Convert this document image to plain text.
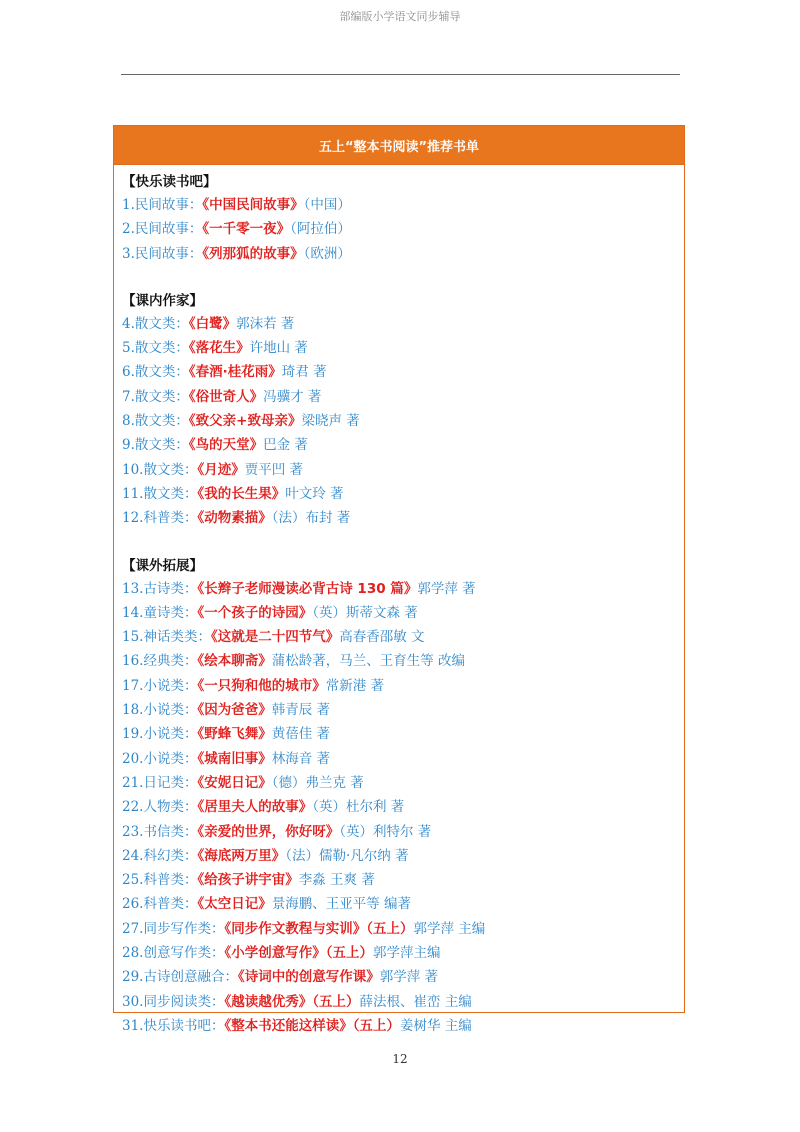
部编版小学语文同步辅导
五上“整本书阅读”推荐书单
【快乐读书吧】
1.民间故事：《中国民间故事》（中国）
2.民间故事：《一千零一夜》（阿拉伯）
3.民间故事：《列那狐的故事》（欧洲）
【课内作家】
4.散文类：《白鹭》郭沫若 著
5.散文类：《落花生》许地山 著
6.散文类：《春酒·桂花雨》琦君 著
7.散文类：《俗世奇人》冯骥才 著
8.散文类：《致父亲+致母亲》梁晓声 著
9.散文类：《鸟的天堂》巴金 著
10.散文类：《月迹》贾平凹 著
11.散文类：《我的长生果》叶文玲 著
12.科普类：《动物素描》（法）布封 著
【课外拓展】
13.古诗类：《长辫子老师漫读必背古诗 130 篇》郭学萍 著
14.童诗类：《一个孩子的诗园》（英）斯蒂文森 著
15.神话类类：《这就是二十四节气》高春香邵敏 文
16.经典类：《绘本聊斋》蒲松龄著，马兰、王育生等 改编
17.小说类：《一只狗和他的城市》常新港 著
18.小说类：《因为爸爸》韩青辰 著
19.小说类：《野蜂飞舞》黄蓓佳 著
20.小说类：《城南旧事》林海音 著
21.日记类：《安妮日记》（德）弗兰克 著
22.人物类：《居里夫人的故事》（英）杜尔利 著
23.书信类：《亲爱的世界，你好呀》（英）利特尔 著
24.科幻类：《海底两万里》（法）儒勒·凡尔纳 著
25.科普类：《给孩子讲宇宙》李淼 王爽 著
26.科普类：《太空日记》景海鹏、王亚平等 编著
27.同步写作类：《同步作文教程与实训》（五上）郭学萍 主编
28.创意写作类：《小学创意写作》（五上）郭学萍主编
29.古诗创意融合：《诗词中的创意写作课》郭学萍 著
30.同步阅读类：《越读越优秀》（五上）薛法根、崔峦 主编
31.快乐读书吧：《整本书还能这样读》（五上）姜树华 主编
12
